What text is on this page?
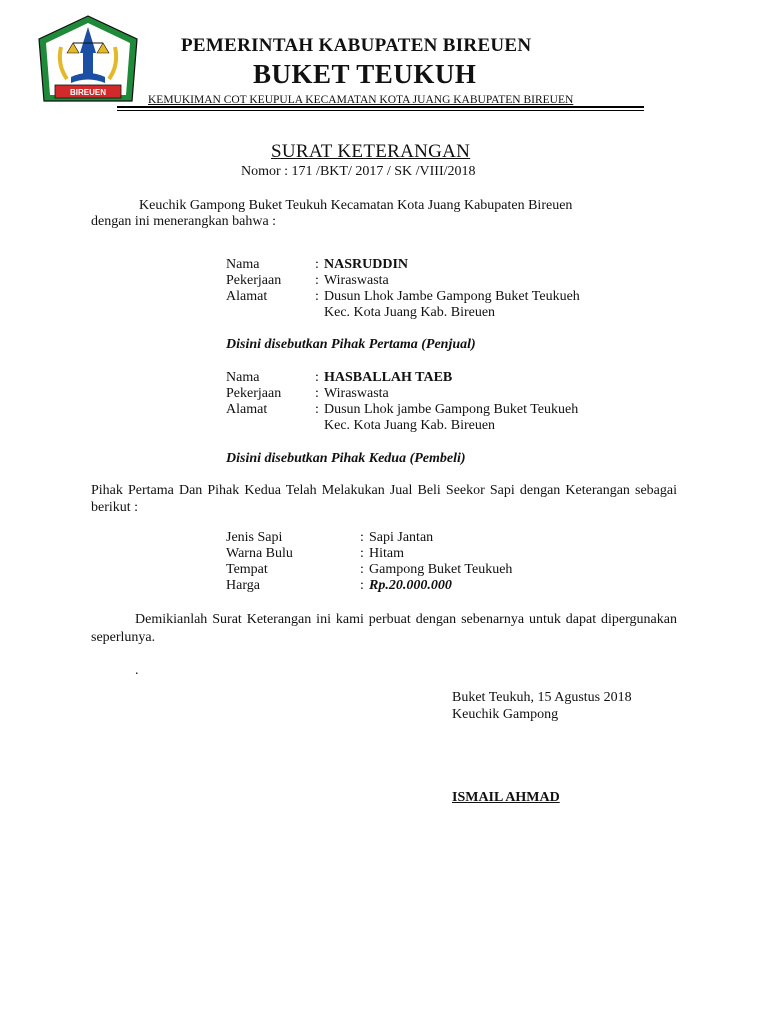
BIREUEN
PEMERINTAH KABUPATEN BIREUEN
BUKET TEUKUH
KEMUKIMAN COT KEUPULA KECAMATAN KOTA JUANG KABUPATEN BIREUEN
SURAT KETERANGAN
Nomor : 171 /BKT/ 2017 / SK /VIII/2018
Keuchik Gampong Buket Teukuh Kecamatan Kota Juang Kabupaten Bireuen
dengan ini menerangkan bahwa :
Nama	: NASRUDDIN
Pekerjaan : Wiraswasta
Alamat	: Dusun Lhok Jambe Gampong Buket Teukueh
Kec. Kota Juang Kab. Bireuen
Disini disebutkan Pihak Pertama (Penjual)
Nama	: HASBALLAH TAEB
Pekerjaan : Wiraswasta
Alamat	: Dusun Lhok jambe Gampong Buket Teukueh
Kec. Kota Juang Kab. Bireuen
Disini disebutkan Pihak Kedua (Pembeli)
Pihak Pertama Dan Pihak Kedua Telah Melakukan Jual Beli Seekor Sapi dengan Keterangan sebagai berikut :
Jenis Sapi	: Sapi Jantan
Warna Bulu	: Hitam
Tempat	: Gampong Buket Teukueh
Harga	: Rp.20.000.000
Demikianlah Surat Keterangan ini kami perbuat dengan sebenarnya untuk dapat dipergunakan seperlunya.
.
Buket Teukuh, 15 Agustus 2018
Keuchik Gampong
ISMAIL AHMAD
